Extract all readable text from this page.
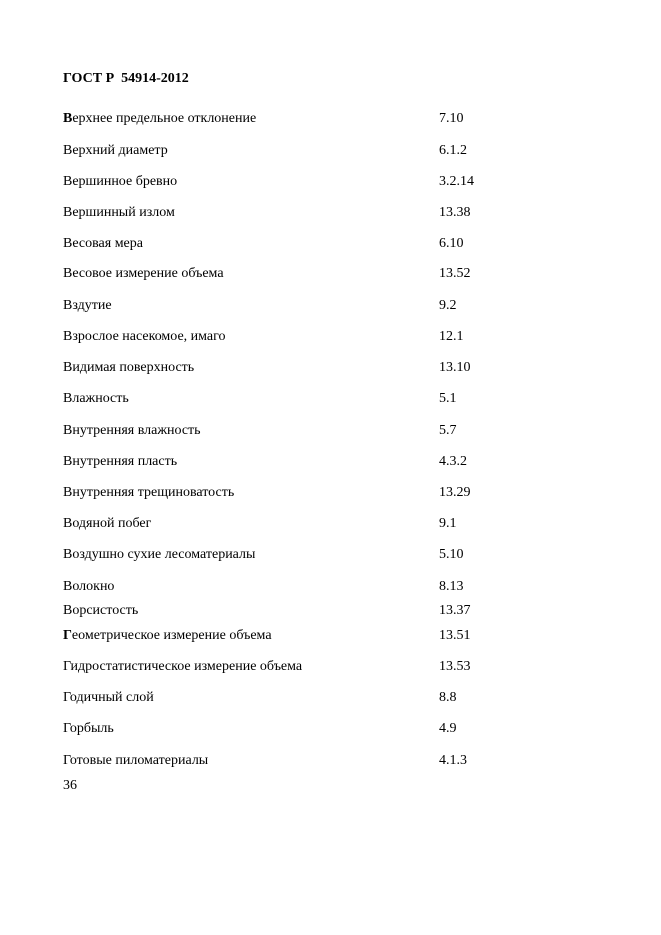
ГОСТ Р  54914-2012
Верхнее предельное отклонение	7.10
Верхний диаметр	6.1.2
Вершинное бревно	3.2.14
Вершинный излом	13.38
Весовая мера	6.10
Весовое измерение объема	13.52
Вздутие	9.2
Взрослое насекомое, имаго	12.1
Видимая поверхность	13.10
Влажность	5.1
Внутренняя влажность	5.7
Внутренняя пласть	4.3.2
Внутренняя трещиноватость	13.29
Водяной побег	9.1
Воздушно сухие лесоматериалы	5.10
Волокно	8.13
Ворсистость	13.37
Геометрическое измерение объема	13.51
Гидростатистическое измерение объема	13.53
Годичный слой	8.8
Горбыль	4.9
Готовые пиломатериалы	4.1.3
36
